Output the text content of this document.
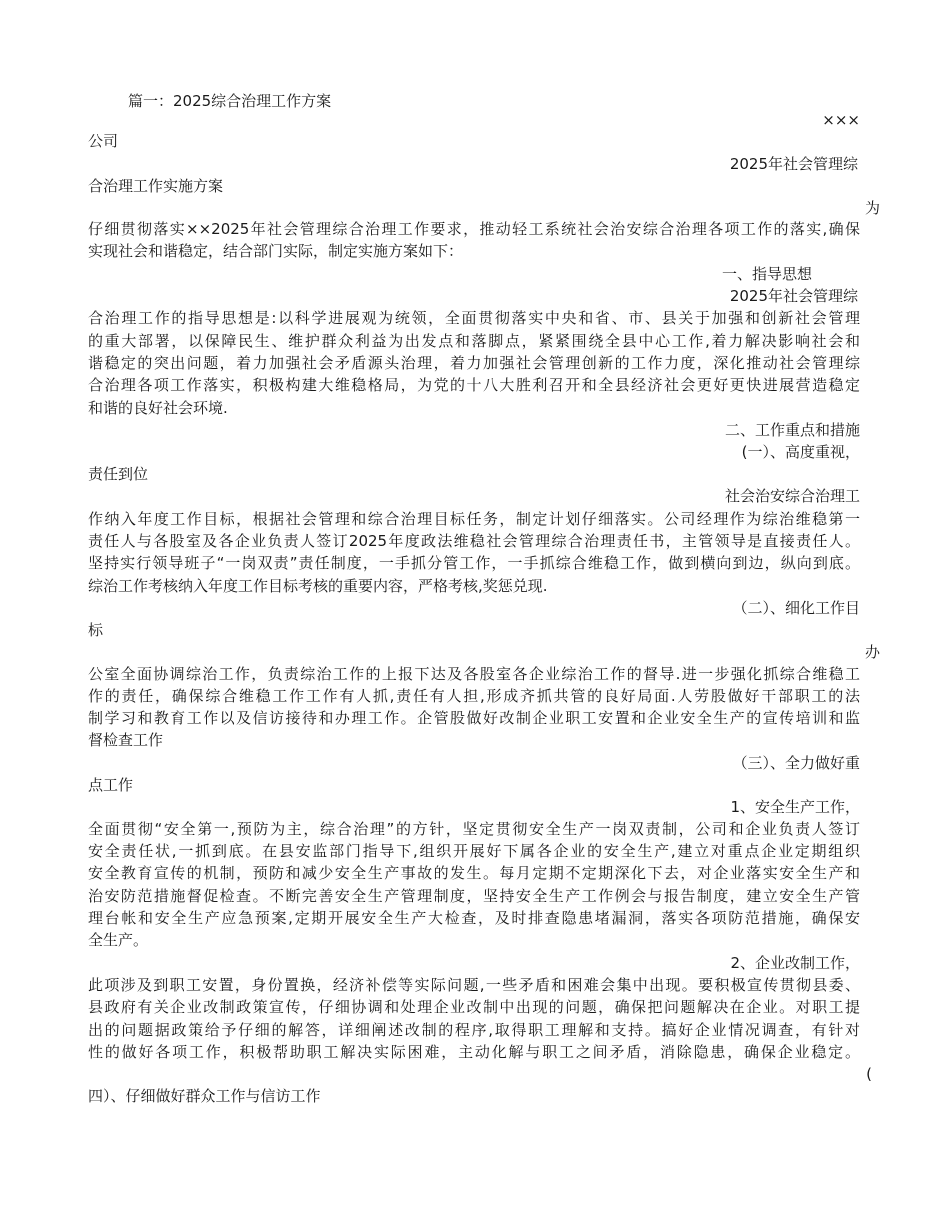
篇一：2025综合治理工作方案
×××
公司
2025年社会管理综
合治理工作实施方案
为
仔细贯彻落实××2025年社会管理综合治理工作要求，推动轻工系统社会治安综合治理各项工作的落实,确保
实现社会和谐稳定，结合部门实际，制定实施方案如下：
一、指导思想
2025年社会管理综
合治理工作的指导思想是:以科学进展观为统领，全面贯彻落实中央和省、市、县关于加强和创新社会管理
的重大部署，以保障民生、维护群众利益为出发点和落脚点，紧紧围绕全县中心工作,着力解决影响社会和
谐稳定的突出问题，着力加强社会矛盾源头治理，着力加强社会管理创新的工作力度，深化推动社会管理综
合治理各项工作落实，积极构建大维稳格局，为党的十八大胜利召开和全县经济社会更好更快进展营造稳定
和谐的良好社会环境.
二、工作重点和措施
(一）、高度重视，
责任到位
社会治安综合治理工
作纳入年度工作目标，根据社会管理和综合治理目标任务，制定计划仔细落实。公司经理作为综治维稳第一
责任人与各股室及各企业负责人签订2025年度政法维稳社会管理综合治理责任书，主管领导是直接责任人。
坚持实行领导班子“一岗双责”责任制度，一手抓分管工作，一手抓综合维稳工作，做到横向到边，纵向到底。
综治工作考核纳入年度工作目标考核的重要内容，严格考核,奖惩兑现.
（二）、细化工作目
标
办
公室全面协调综治工作，负责综治工作的上报下达及各股室各企业综治工作的督导.进一步强化抓综合维稳工
作的责任，确保综合维稳工作工作有人抓,责任有人担,形成齐抓共管的良好局面.人劳股做好干部职工的法
制学习和教育工作以及信访接待和办理工作。企管股做好改制企业职工安置和企业安全生产的宣传培训和监
督检查工作
（三）、全力做好重
点工作
1、安全生产工作，
全面贯彻“安全第一,预防为主，综合治理”的方针，坚定贯彻安全生产一岗双责制，公司和企业负责人签订
安全责任状,一抓到底。在县安监部门指导下,组织开展好下属各企业的安全生产,建立对重点企业定期组织
安全教育宣传的机制，预防和减少安全生产事故的发生。每月定期不定期深化下去，对企业落实安全生产和
治安防范措施督促检查。不断完善安全生产管理制度，坚持安全生产工作例会与报告制度，建立安全生产管
理台帐和安全生产应急预案,定期开展安全生产大检查，及时排查隐患堵漏洞，落实各项防范措施，确保安
全生产。
2、企业改制工作，
此项涉及到职工安置，身份置换，经济补偿等实际问题,一些矛盾和困难会集中出现。要积极宣传贯彻县委、
县政府有关企业改制政策宣传，仔细协调和处理企业改制中出现的问题，确保把问题解决在企业。对职工提
出的问题据政策给予仔细的解答，详细阐述改制的程序,取得职工理解和支持。搞好企业情况调查，有针对
性的做好各项工作，积极帮助职工解决实际困难，主动化解与职工之间矛盾，消除隐患，确保企业稳定。
(
四）、仔细做好群众工作与信访工作
